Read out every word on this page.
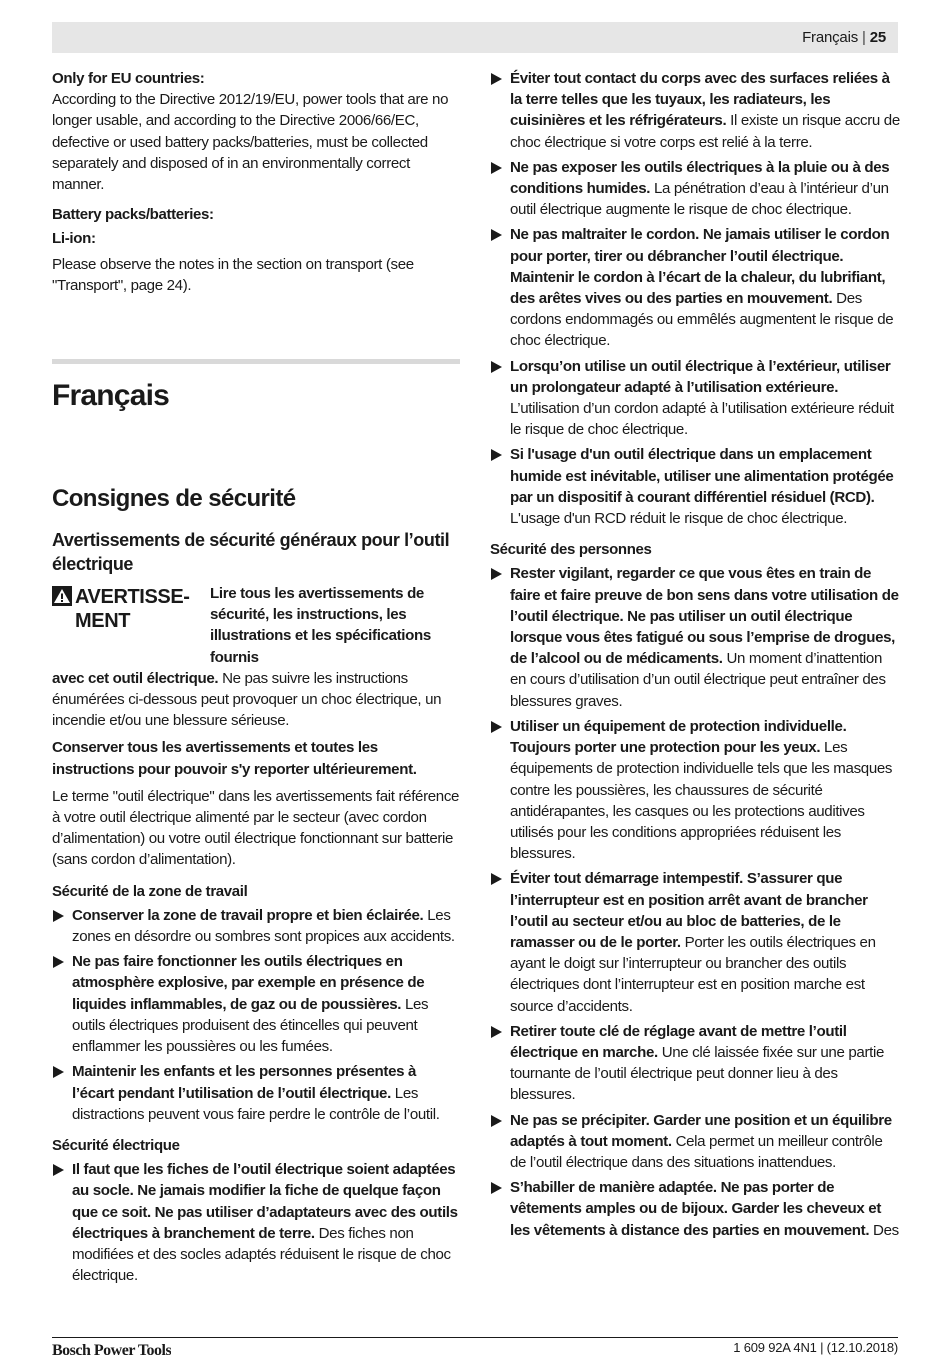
Français | 25

Only for EU countries:

According to the Directive 2012/19/EU, power tools that are no longer usable, and according to the Directive 2006/66/EC, defective or used battery packs/batteries, must be collected separately and disposed of in an environmentally correct manner.

Battery packs/batteries:

Li-ion:

Please observe the notes in the section on transport (see "Transport", page 24).

Français
Consignes de sécurité
Avertissements de sécurité généraux pour l’outil électrique
AVERTISSE-
MENT
Lire tous les avertissements de sécurité, les instructions, les illustrations et les spécifications fournis

avec cet outil électrique. Ne pas suivre les instructions énumérées ci-dessous peut provoquer un choc électrique, un incendie et/ou une blessure sérieuse.

Conserver tous les avertissements et toutes les instructions pour pouvoir s'y reporter ultérieurement.

Le terme "outil électrique" dans les avertissements fait référence à votre outil électrique alimenté par le secteur (avec cordon d’alimentation) ou votre outil électrique fonctionnant sur batterie (sans cordon d’alimentation).

Sécurité de la zone de travail

Conserver la zone de travail propre et bien éclairée. Les zones en désordre ou sombres sont propices aux accidents.
Ne pas faire fonctionner les outils électriques en atmosphère explosive, par exemple en présence de liquides inflammables, de gaz ou de poussières. Les outils électriques produisent des étincelles qui peuvent enflammer les poussières ou les fumées.
Maintenir les enfants et les personnes présentes à l’écart pendant l’utilisation de l’outil électrique. Les distractions peuvent vous faire perdre le contrôle de l’outil.

Sécurité électrique

Il faut que les fiches de l’outil électrique soient adaptées au socle. Ne jamais modifier la fiche de quelque façon que ce soit. Ne pas utiliser d’adaptateurs avec des outils électriques à branchement de terre. Des fiches non modifiées et des socles adaptés réduisent le risque de choc électrique.
Éviter tout contact du corps avec des surfaces reliées à la terre telles que les tuyaux, les radiateurs, les cuisinières et les réfrigérateurs. Il existe un risque accru de choc électrique si votre corps est relié à la terre.
Ne pas exposer les outils électriques à la pluie ou à des conditions humides. La pénétration d’eau à l’intérieur d’un outil électrique augmente le risque de choc électrique.
Ne pas maltraiter le cordon. Ne jamais utiliser le cordon pour porter, tirer ou débrancher l’outil électrique. Maintenir le cordon à l’écart de la chaleur, du lubrifiant, des arêtes vives ou des parties en mouvement. Des cordons endommagés ou emmêlés augmentent le risque de choc électrique.
Lorsqu’on utilise un outil électrique à l’extérieur, utiliser un prolongateur adapté à l’utilisation extérieure. L’utilisation d’un cordon adapté à l’utilisation extérieure réduit le risque de choc électrique.
Si l'usage d'un outil électrique dans un emplacement humide est inévitable, utiliser une alimentation protégée par un dispositif à courant différentiel résiduel (RCD). L'usage d'un RCD réduit le risque de choc électrique.

Sécurité des personnes

Rester vigilant, regarder ce que vous êtes en train de faire et faire preuve de bon sens dans votre utilisation de l’outil électrique. Ne pas utiliser un outil électrique lorsque vous êtes fatigué ou sous l’emprise de drogues, de l’alcool ou de médicaments. Un moment d’inattention en cours d’utilisation d’un outil électrique peut entraîner des blessures graves.
Utiliser un équipement de protection individuelle. Toujours porter une protection pour les yeux. Les équipements de protection individuelle tels que les masques contre les poussières, les chaussures de sécurité antidérapantes, les casques ou les protections auditives utilisés pour les conditions appropriées réduisent les blessures.
Éviter tout démarrage intempestif. S’assurer que l’interrupteur est en position arrêt avant de brancher l’outil au secteur et/ou au bloc de batteries, de le ramasser ou de le porter. Porter les outils électriques en ayant le doigt sur l’interrupteur ou brancher des outils électriques dont l’interrupteur est en position marche est source d’accidents.
Retirer toute clé de réglage avant de mettre l’outil électrique en marche. Une clé laissée fixée sur une partie tournante de l’outil électrique peut donner lieu à des blessures.
Ne pas se précipiter. Garder une position et un équilibre adaptés à tout moment. Cela permet un meilleur contrôle de l’outil électrique dans des situations inattendues.
S’habiller de manière adaptée. Ne pas porter de vêtements amples ou de bijoux. Garder les cheveux et les vêtements à distance des parties en mouvement. Des
Bosch Power Tools	1 609 92A 4N1 | (12.10.2018)
